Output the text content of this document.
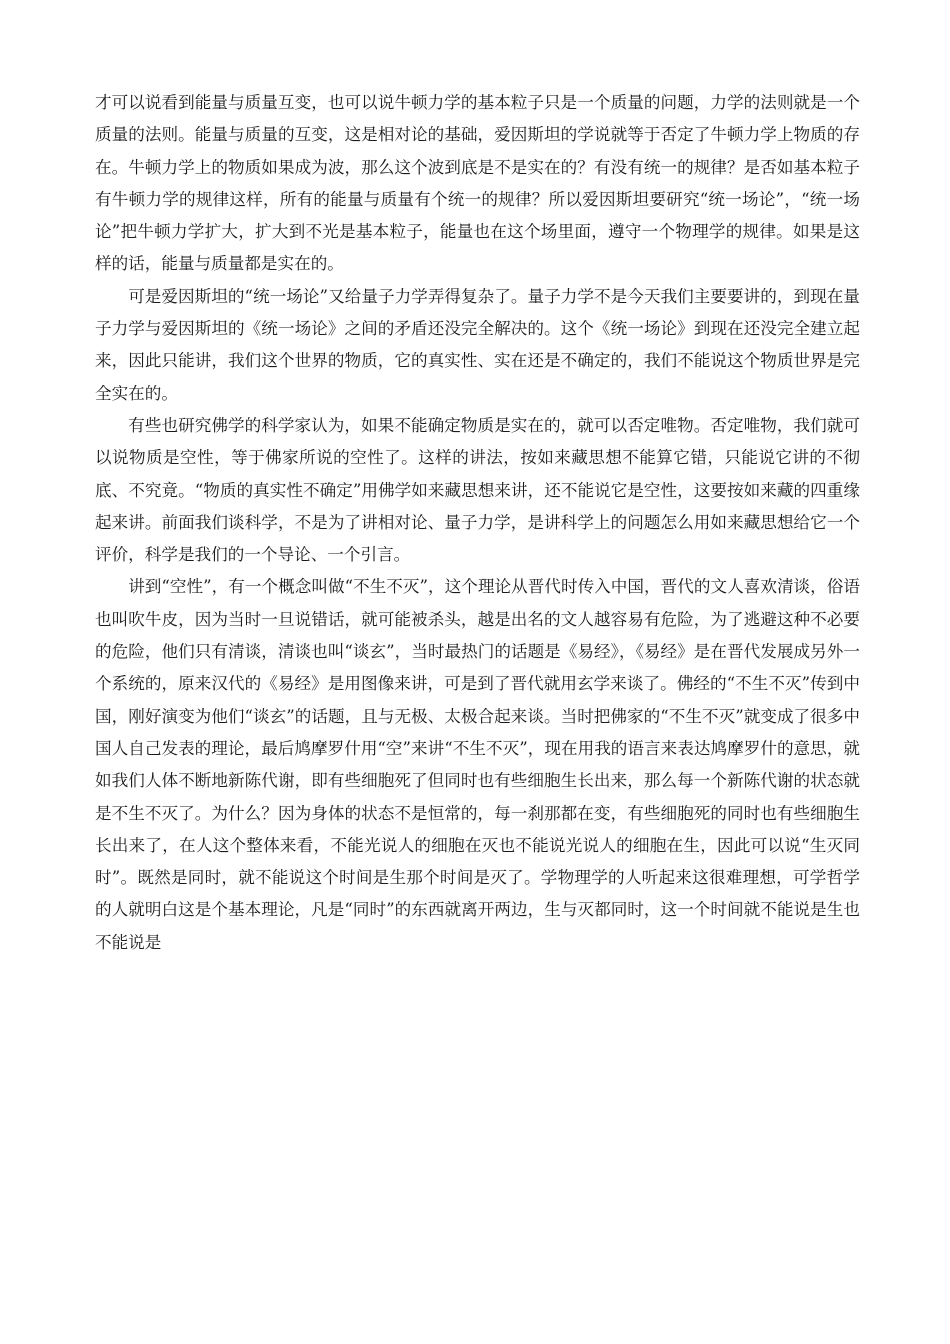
才可以说看到能量与质量互变，也可以说牛顿力学的基本粒子只是一个质量的问题，力学的法则就是一个质量的法则。能量与质量的互变，这是相对论的基础，爱因斯坦的学说就等于否定了牛顿力学上物质的存在。牛顿力学上的物质如果成为波，那么这个波到底是不是实在的？有没有统一的规律？是否如基本粒子有牛顿力学的规律这样，所有的能量与质量有个统一的规律？所以爱因斯坦要研究“统一场论”，“统一场论”把牛顿力学扩大，扩大到不光是基本粒子，能量也在这个场里面，遵守一个物理学的规律。如果是这样的话，能量与质量都是实在的。

可是爱因斯坦的“统一场论”又给量子力学弄得复杂了。量子力学不是今天我们主要要讲的，到现在量子力学与爱因斯坦的《统一场论》之间的矛盾还没完全解决的。这个《统一场论》到现在还没完全建立起来，因此只能讲，我们这个世界的物质，它的真实性、实在还是不确定的，我们不能说这个物质世界是完全实在的。

有些也研究佛学的科学家认为，如果不能确定物质是实在的，就可以否定唯物。否定唯物，我们就可以说物质是空性，等于佛家所说的空性了。这样的讲法，按如来藏思想不能算它错，只能说它讲的不彻底、不究竟。“物质的真实性不确定”用佛学如来藏思想来讲，还不能说它是空性，这要按如来藏的四重缘起来讲。前面我们谈科学，不是为了讲相对论、量子力学，是讲科学上的问题怎么用如来藏思想给它一个评价，科学是我们的一个导论、一个引言。

讲到“空性”，有一个概念叫做“不生不灭”，这个理论从晋代时传入中国，晋代的文人喜欢清谈，俗语也叫吹牛皮，因为当时一旦说错话，就可能被杀头，越是出名的文人越容易有危险，为了逃避这种不必要的危险，他们只有清谈，清谈也叫“谈玄”，当时最热门的话题是《易经》，《易经》是在晋代发展成另外一个系统的，原来汉代的《易经》是用图像来讲，可是到了晋代就用玄学来谈了。佛经的“不生不灭”传到中国，刚好演变为他们“谈玄”的话题，且与无极、太极合起来谈。当时把佛家的“不生不灭”就变成了很多中国人自己发表的理论，最后鸠摩罗什用“空”来讲“不生不灭”，现在用我的语言来表达鸠摩罗什的意思，就如我们人体不断地新陈代谢，即有些细胞死了但同时也有些细胞生长出来，那么每一个新陈代谢的状态就是不生不灭了。为什么？因为身体的状态不是恒常的，每一刹那都在变，有些细胞死的同时也有些细胞生长出来了，在人这个整体来看，不能光说人的细胞在灭也不能说光说人的细胞在生，因此可以说“生灭同时”。既然是同时，就不能说这个时间是生那个时间是灭了。学物理学的人听起来这很难理想，可学哲学的人就明白这是个基本理论，凡是“同时”的东西就离开两边，生与灭都同时，这一个时间就不能说是生也不能说是
